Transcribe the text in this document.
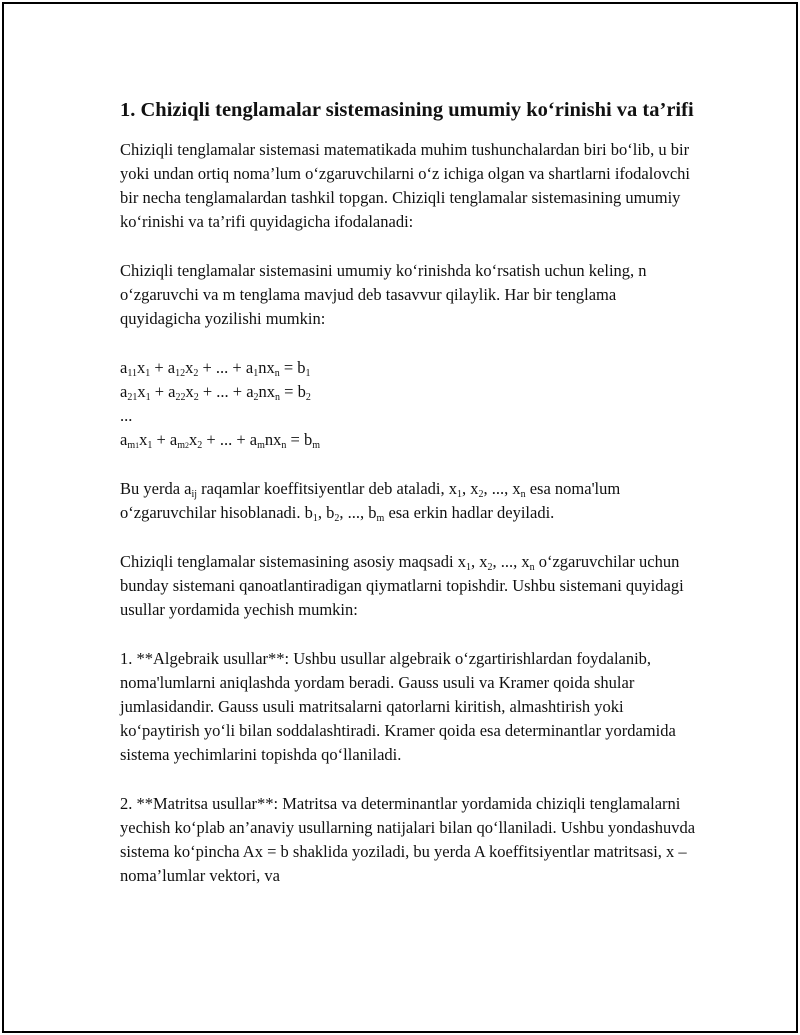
1. Chiziqli tenglamalar sistemasining umumiy ko‘rinishi va ta’rifi

Chiziqli tenglamalar sistemasi matematikada muhim tushunchalardan biri bo‘lib, u bir yoki undan ortiq noma’lum o‘zgaruvchilarni o‘z ichiga olgan va shartlarni ifodalovchi bir necha tenglamalardan tashkil topgan. Chiziqli tenglamalar sistemasining umumiy ko‘rinishi va ta’rifi quyidagicha ifodalanadi:

Chiziqli tenglamalar sistemasini umumiy ko‘rinishda ko‘rsatish uchun keling, n o‘zgaruvchi va m tenglama mavjud deb tasavvur qilaylik. Har bir tenglama quyidagicha yozilishi mumkin:

$a_{11}x_1 + a_{12}x_2$ + ... + $a_1nx_n = b_1$
$a_{21}x_1 + a_{22}x_2$ + ... + $a_2nx_n = b_2$
...
$a_{m1}x_1 + a_{m2}x_2$ + ... + $a_mnx_n = b_m$

Bu yerda $a_{ij}$ raqamlar koeffitsiyentlar deb ataladi, $x_1$, $x_2$, ..., $x_n$ esa noma'lum o‘zgaruvchilar hisoblanadi. $b_1$, $b_2$, ..., $b_m$ esa erkin hadlar deyiladi.

Chiziqli tenglamalar sistemasining asosiy maqsadi $x_1$, $x_2$, ..., $x_n$ o‘zgaruvchilar uchun bunday sistemani qanoatlantiradigan qiymatlarni topishdir. Ushbu sistemani quyidagi usullar yordamida yechish mumkin:

1. **Algebraik usullar**: Ushbu usullar algebraik o‘zgartirishlardan foydalanib, noma'lumlarni aniqlashda yordam beradi. Gauss usuli va Kramer qoida shular jumlasidandir. Gauss usuli matritsalarni qatorlarni kiritish, almashtirish yoki ko‘paytirish yo‘li bilan soddalashtiradi. Kramer qoida esa determinantlar yordamida sistema yechimlarini topishda qo‘llaniladi.

2. **Matritsa usullar**: Matritsa va determinantlar yordamida chiziqli tenglamalarni yechish ko‘plab an’anaviy usullarning natijalari bilan qo‘llaniladi. Ushbu yondashuvda sistema ko‘pincha Ax = b shaklida yoziladi, bu yerda A koeffitsiyentlar matritsasi, x – noma’lumlar vektori, va
